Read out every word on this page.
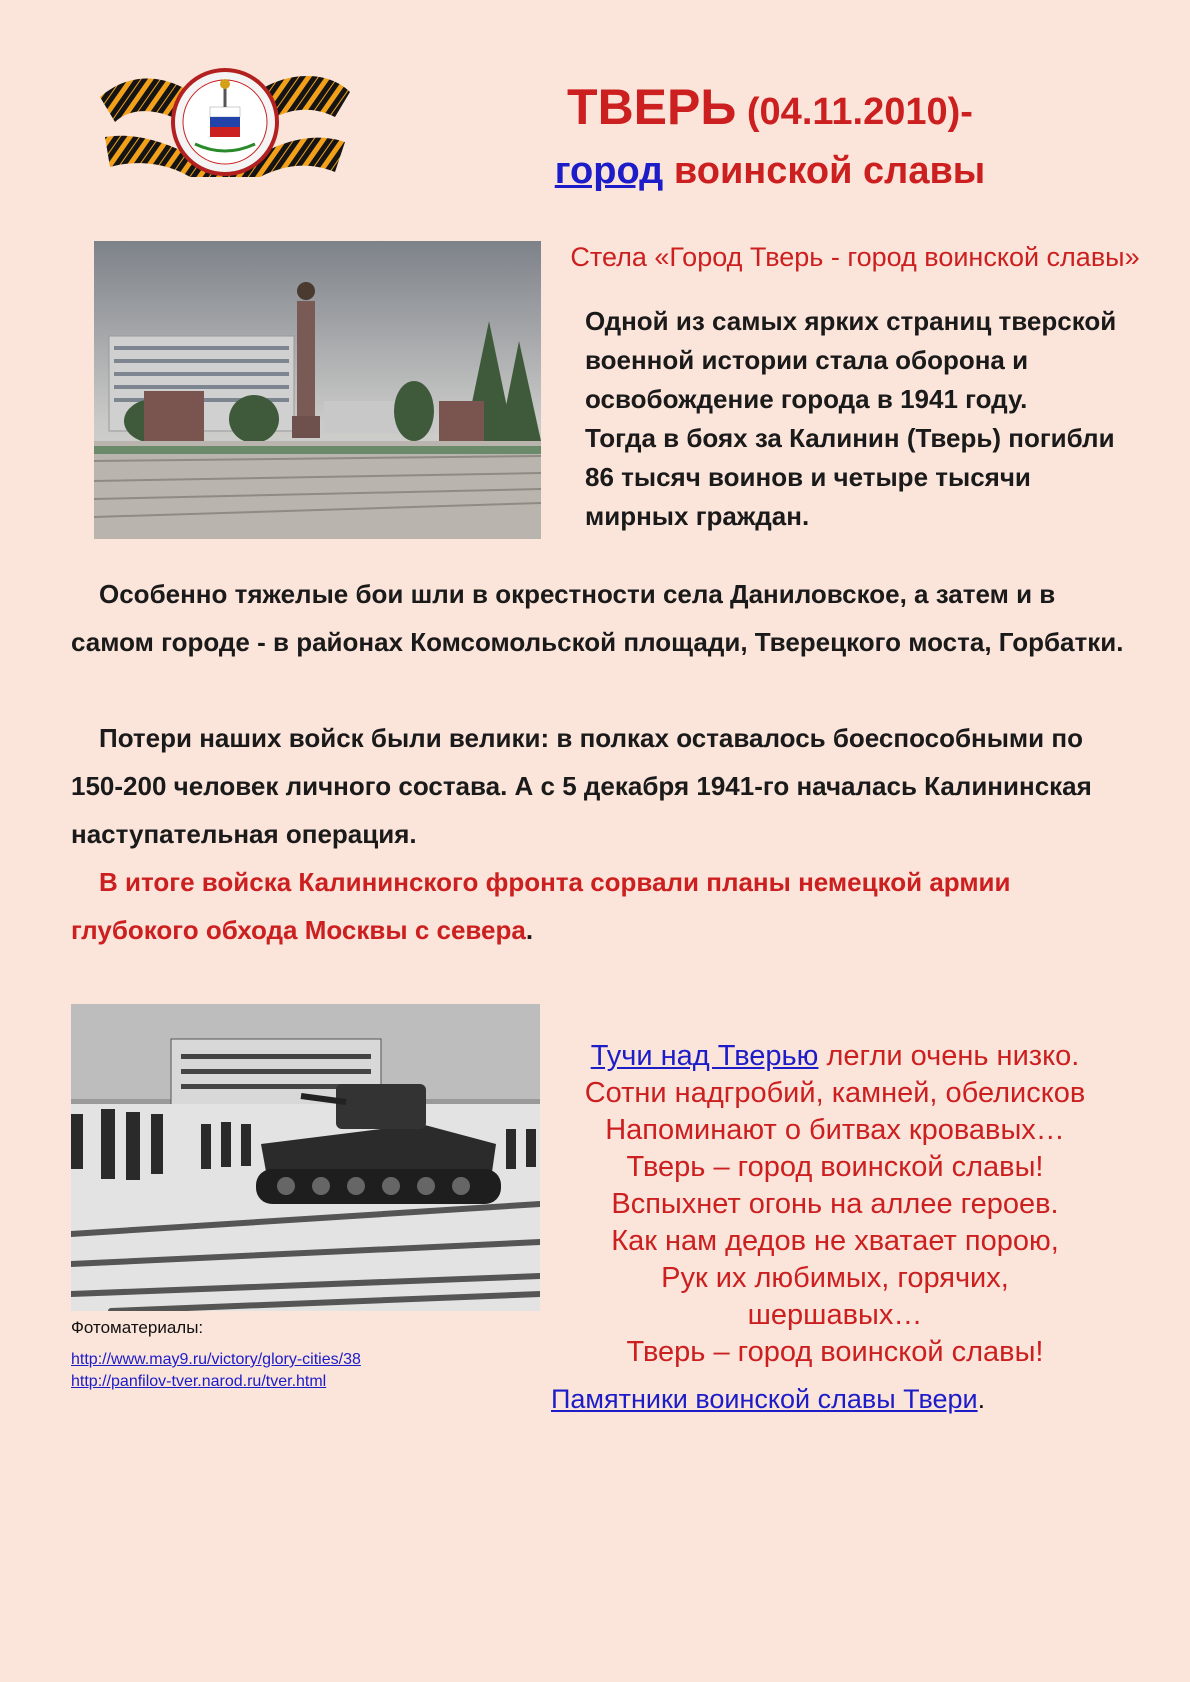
ТВЕРЬ (04.11.2010)-
город воинской славы
Стела «Город Тверь - город воинской славы»
Одной из самых ярких страниц тверской военной истории стала оборона и освобождение города в 1941 году.
Тогда в боях за Калинин (Тверь) погибли 86 тысяч воинов и четыре тысячи мирных граждан.
Особенно тяжелые бои шли в окрестности села Даниловское, а затем и в самом городе - в районах Комсомольской площади, Тверецкого моста, Горбатки.
Потери наших войск были велики: в полках оставалось боеспособными по 150-200 человек личного состава. А с 5 декабря 1941-го началась Калининская наступательная операция.
В итоге войска Калининского фронта сорвали планы немецкой армии глубокого обхода Москвы с севера.
Фотоматериалы:
http://www.may9.ru/victory/glory-cities/38
http://panfilov-tver.narod.ru/tver.html
Тучи над Тверью легли очень низко.
Сотни надгробий, камней, обелисков
Напоминают о битвах кровавых…
Тверь – город воинской славы!
Вспыхнет огонь на аллее героев.
Как нам дедов не хватает порою,
Рук их любимых, горячих,
шершавых…
Тверь – город воинской славы!
Памятники воинской славы Твери.
